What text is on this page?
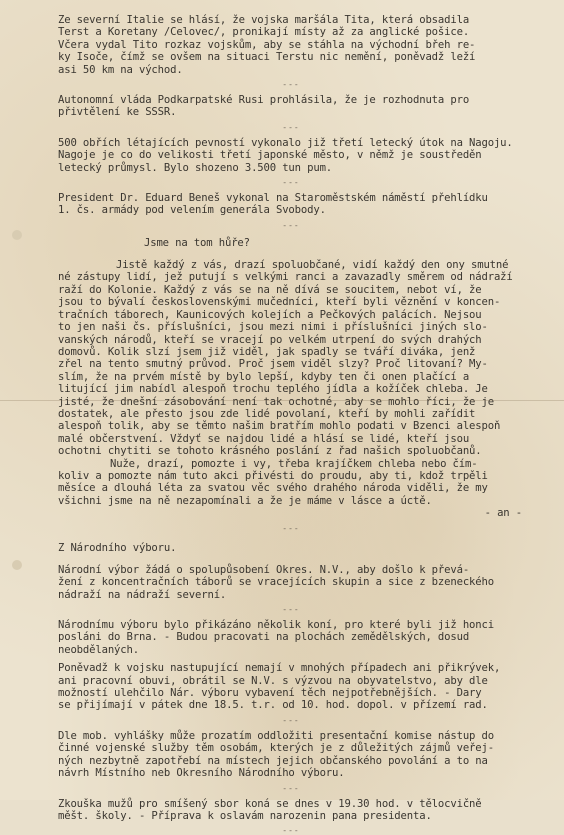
Ze severní Italie se hlásí, že vojska maršála Tita, která obsadila

Terst a Koretany /Celovec/, pronikají místy až za anglické pošice.

Včera vydal Tito rozkaz vojskům, aby se stáhla na východní břeh re-

ky Isoče, čímž se ovšem na situaci Terstu nic nemění, poněvadž leží

asi 50 km na východ.

---

Autonomní vláda Podkarpatské Rusi prohlásila, že je rozhodnuta pro

přivtělení ke SSSR.

---

500 obřích létajících pevností vykonalo již třetí letecký útok na Nagoju.

Nagoje je co do velikosti třetí japonské město, v němž je soustředěn

letecký průmysl. Bylo shozeno 3.500 tun pum.

---

President Dr. Eduard Beneš vykonal na Staroměstském náměstí přehlídku

1. čs. armády pod velením generála Svobody.

---

Jsme na tom hůře?

Jistě každý z vás, drazí spoluobčané, vidí každý den ony smutné

né zástupy lidí, jež putují s velkými ranci a zavazadly směrem od nádraží

raží do Kolonie. Každý z vás se na ně dívá se soucitem, nebot ví, že

jsou to bývalí československými mučedníci, kteří byli věznění v koncen-

tračních táborech, Kaunicových kolejích a Pečkových palácích. Nejsou

to jen naši čs. příslušníci, jsou mezi nimi i příslušníci jiných slo-

vanských národů, kteří se vracejí po velkém utrpení do svých drahých

domovů. Kolik slzí jsem již viděl, jak spadly se tváří diváka, jenž

zřel na tento smutný průvod. Proč jsem viděl slzy? Proč litovaní? My-

slím, že na prvém místě by bylo lepší, kdyby ten či onen plačící a

litující jim nabídl alespoň trochu teplého jídla a kožíček chleba. Je

jisté, že dnešní zásobování není tak ochotné, aby se mohlo říci, že je

dostatek, ale přesto jsou zde lidé povolaní, kteří by mohli zařídit

alespoň tolik, aby se těmto našim bratřím mohlo podati v Bzenci alespoň

malé občerstvení. Vždyť se najdou lidé a hlásí se lidé, kteří jsou

ochotni chytiti se tohoto krásného poslání z řad našich spoluobčanů.

Nuže, drazí, pomozte i vy, třeba krajíčkem chleba nebo čím-

koliv a pomozte nám tuto akci přivésti do proudu, aby ti, kdož trpěli

měsíce a dlouhá léta za svatou věc svého drahého národa viděli, že my

všichni jsme na ně nezapomínali a že je máme v lásce a úctě.

- an -

---

Z Národního výboru.

Národní výbor žádá o spolupůsobení Okres. N.V., aby došlo k převá-

žení z koncentračních táborů se vracejících skupin a sice z bzeneckého

nádraží na nádraží severní.

---

Národnímu výboru bylo přikázáno několik koní, pro které byli již honci

posláni do Brna. - Budou pracovati na plochách zemědělských, dosud

neobdělaných.

Poněvadž k vojsku nastupující nemají v mnohých případech ani přikrývek,

ani pracovní obuvi, obrátil se N.V. s výzvou na obyvatelstvo, aby dle

možností ulehčilo Nár. výboru vybavení těch nejpotřebnějších. - Dary

se přijímají v pátek dne 18.5. t.r. od 10. hod. dopol. v přízemí rad.

---

Dle mob. vyhlášky může prozatím oddložiti presentační komise nástup do

činné vojenské služby těm osobám, kterých je z důležitých zájmů veřej-

ných nezbytně zapotřebí na místech jejich občanského povolání a to na

návrh Místního neb Okresního Národního výboru.

---

Zkouška mužů pro smíšený sbor koná se dnes v 19.30 hod. v tělocvičně

měšt. školy. - Příprava k oslavám narozenin pana presidenta.

---
